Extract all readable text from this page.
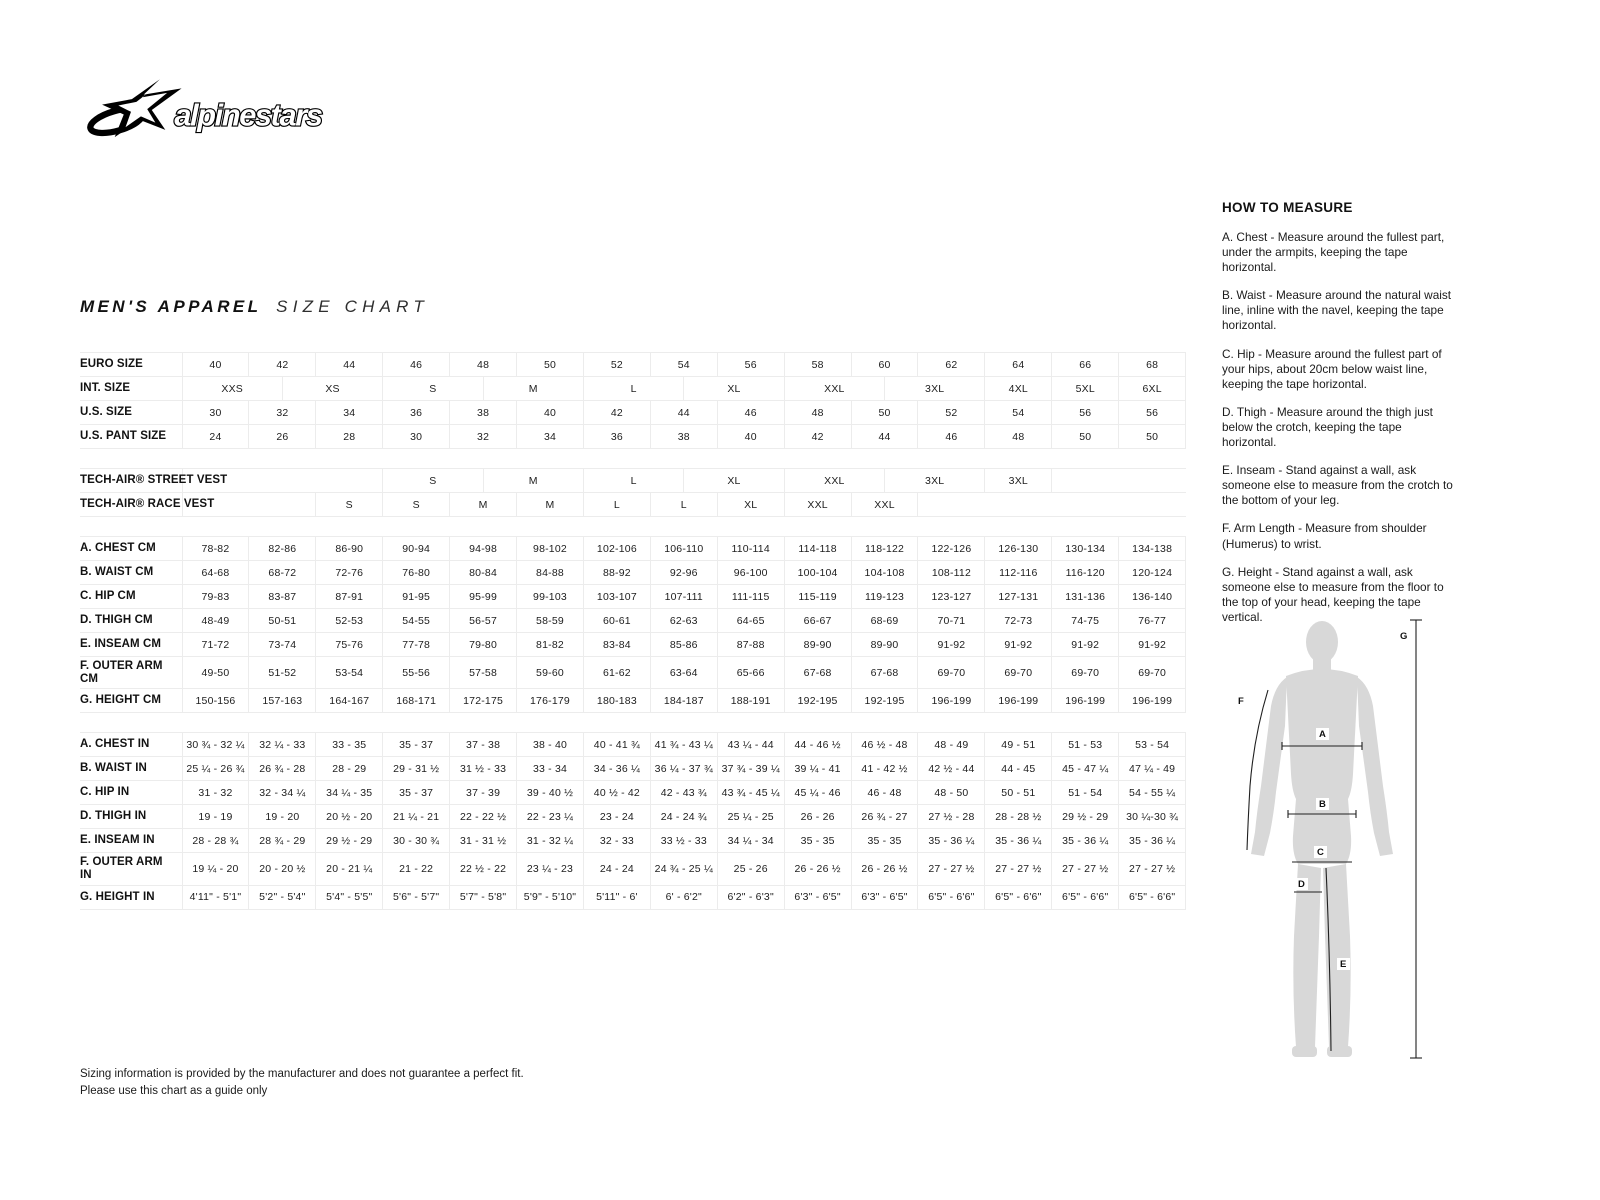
alpinestars
MEN'S APPAREL SIZE CHART
EURO SIZE	40	42		44	46	48		50	52	54		56	58	60		62	64	66	68
INT. SIZE	XXS		XS		S		M		L		XL		XXL		3XL		4XL	5XL	6XL
U.S. SIZE	30	32		34	36	38		40	42	44		46	48	50		52	54	56	56
U.S. PANT SIZE	24	26		28	30	32		34	36	38		40	42	44		46	48	50	50

TECH-AIR® STREET VEST					S		M		L		XL		XXL		3XL		3XL		
TECH-AIR® RACE VEST				S	S	M		M	L	L		XL	XXL	XXL					

A. CHEST CM	78-82	82-86		86-90	90-94	94-98		98-102	102-106	106-110		110-114	114-118	118-122		122-126	126-130	130-134	134-138
B. WAIST CM	64-68	68-72		72-76	76-80	80-84		84-88	88-92	92-96		96-100	100-104	104-108		108-112	112-116	116-120	120-124
C. HIP CM	79-83	83-87		87-91	91-95	95-99		99-103	103-107	107-111		111-115	115-119	119-123		123-127	127-131	131-136	136-140
D. THIGH CM	48-49	50-51		52-53	54-55	56-57		58-59	60-61	62-63		64-65	66-67	68-69		70-71	72-73	74-75	76-77
E. INSEAM CM	71-72	73-74		75-76	77-78	79-80		81-82	83-84	85-86		87-88	89-90	89-90		91-92	91-92	91-92	91-92
F. OUTER ARM CM	49-50	51-52		53-54	55-56	57-58		59-60	61-62	63-64		65-66	67-68	67-68		69-70	69-70	69-70	69-70
G. HEIGHT CM	150-156	157-163		164-167	168-171	172-175		176-179	180-183	184-187		188-191	192-195	192-195		196-199	196-199	196-199	196-199

A. CHEST IN	30 ¾ - 32 ¼	32 ¼ - 33		33 - 35	35 - 37	37 - 38		38 - 40	40 - 41 ¾	41 ¾ - 43 ¼		43 ¼ - 44	44 - 46 ½	46 ½ - 48		48 - 49	49 - 51	51 - 53	53 - 54
B. WAIST IN	25 ¼ - 26 ¾	26 ¾ - 28		28 - 29	29 - 31 ½	31 ½ - 33		33 - 34	34 - 36 ¼	36 ¼ - 37 ¾		37 ¾ - 39 ¼	39 ¼ - 41	41 - 42 ½		42 ½ - 44	44 - 45	45 - 47 ¼	47 ¼ - 49
C. HIP IN	31 - 32	32 - 34 ¼		34 ¼ - 35	35 - 37	37 - 39		39 - 40 ½	40 ½ - 42	42 - 43 ¾		43 ¾ - 45 ¼	45 ¼ - 46	46 - 48		48 - 50	50 - 51	51 - 54	54 - 55 ¼
D. THIGH IN	19 - 19	19 - 20		20 ½ - 20	21 ¼ - 21	22 - 22 ½		22 - 23 ¼	23 - 24	24 - 24 ¾		25 ¼ - 25	26 - 26	26 ¾ - 27		27 ½ - 28	28 - 28 ½	29 ½ - 29	30 ¼-30 ¾
E. INSEAM IN	28 - 28 ¾	28 ¾ - 29		29 ½ - 29	30 - 30 ¾	31 - 31 ½		31 - 32 ¼	32 - 33	33 ½ - 33		34 ¼ - 34	35 - 35	35 - 35		35 - 36 ¼	35 - 36 ¼	35 - 36 ¼	35 - 36 ¼
F. OUTER ARM IN	19 ¼ - 20	20 - 20 ½		20 - 21 ¼	21 - 22	22 ½ - 22		23 ¼ - 23	24 - 24	24 ¾ - 25 ¼		25 - 26	26 - 26 ½	26 - 26 ½		27 - 27 ½	27 - 27 ½	27 - 27 ½	27 - 27 ½
G. HEIGHT IN	4'11" - 5'1"	5'2" - 5'4"		5'4" - 5'5"	5'6" - 5'7"	5'7" - 5'8"		5'9" - 5'10"	5'11" - 6'	6' - 6'2"		6'2" - 6'3"	6'3" - 6'5"	6'3" - 6'5"		6'5" - 6'6"	6'5" - 6'6"	6'5" - 6'6"	6'5" - 6'6"
HOW TO MEASURE

A. Chest - Measure around the fullest part, under the armpits, keeping the tape horizontal.

B. Waist - Measure around the natural waist line, inline with the navel, keeping the tape horizontal.

C. Hip - Measure around the fullest part of your hips, about 20cm below waist line, keeping the tape horizontal.

D. Thigh - Measure around the thigh just below the crotch, keeping the tape horizontal.

E. Inseam - Stand against a wall, ask someone else to measure from the crotch to the bottom of your leg.

F. Arm Length - Measure from shoulder (Humerus) to wrist.

G. Height - Stand against a wall, ask someone else to measure from the floor to the top of your head, keeping the tape vertical.

A
B
C
D
E
F
G
Sizing information is provided by the manufacturer and does not guarantee a perfect fit.
Please use this chart as a guide only
